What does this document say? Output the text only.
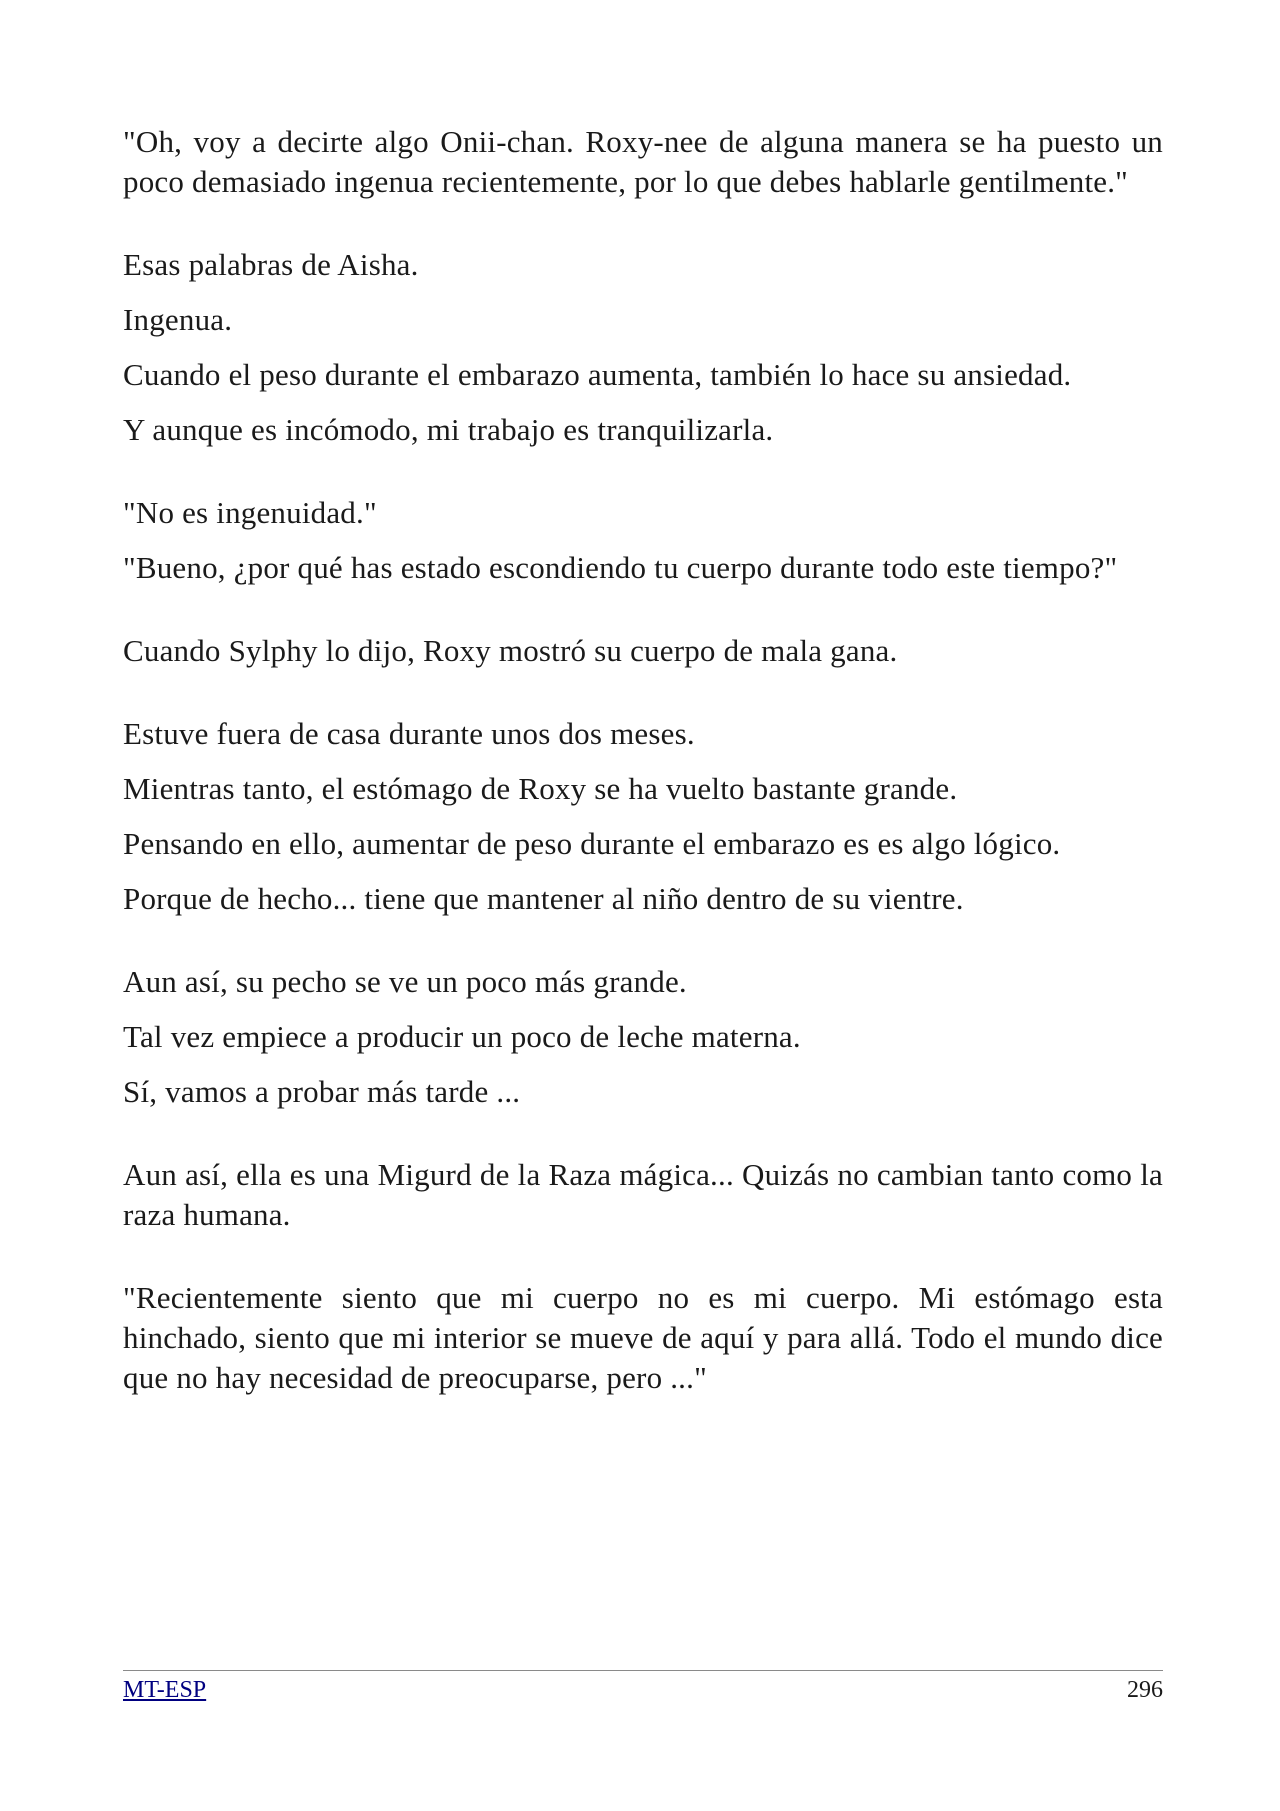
"Oh, voy a decirte algo Onii-chan. Roxy-nee de alguna manera se ha puesto un poco demasiado ingenua recientemente, por lo que debes hablarle gentilmente."

Esas palabras de Aisha.

Ingenua.

Cuando el peso durante el embarazo aumenta, también lo hace su ansiedad.

Y aunque es incómodo, mi trabajo es tranquilizarla.

"No es ingenuidad."

"Bueno, ¿por qué has estado escondiendo tu cuerpo durante todo este tiempo?"

Cuando Sylphy lo dijo, Roxy mostró su cuerpo de mala gana.

Estuve fuera de casa durante unos dos meses.

Mientras tanto, el estómago de Roxy se ha vuelto bastante grande.

Pensando en ello, aumentar de peso durante el embarazo es es algo lógico.

Porque de hecho... tiene que mantener al niño dentro de su vientre.

Aun así, su pecho se ve un poco más grande.

Tal vez empiece a producir un poco de leche materna.

Sí, vamos a probar más tarde ...

Aun así, ella es una Migurd de la Raza mágica... Quizás no cambian tanto como la raza humana.

"Recientemente siento que mi cuerpo no es mi cuerpo. Mi estómago esta hinchado, siento que mi interior se mueve de aquí y para allá. Todo el mundo dice que no hay necesidad de preocuparse, pero ..."

MT-ESP	296
